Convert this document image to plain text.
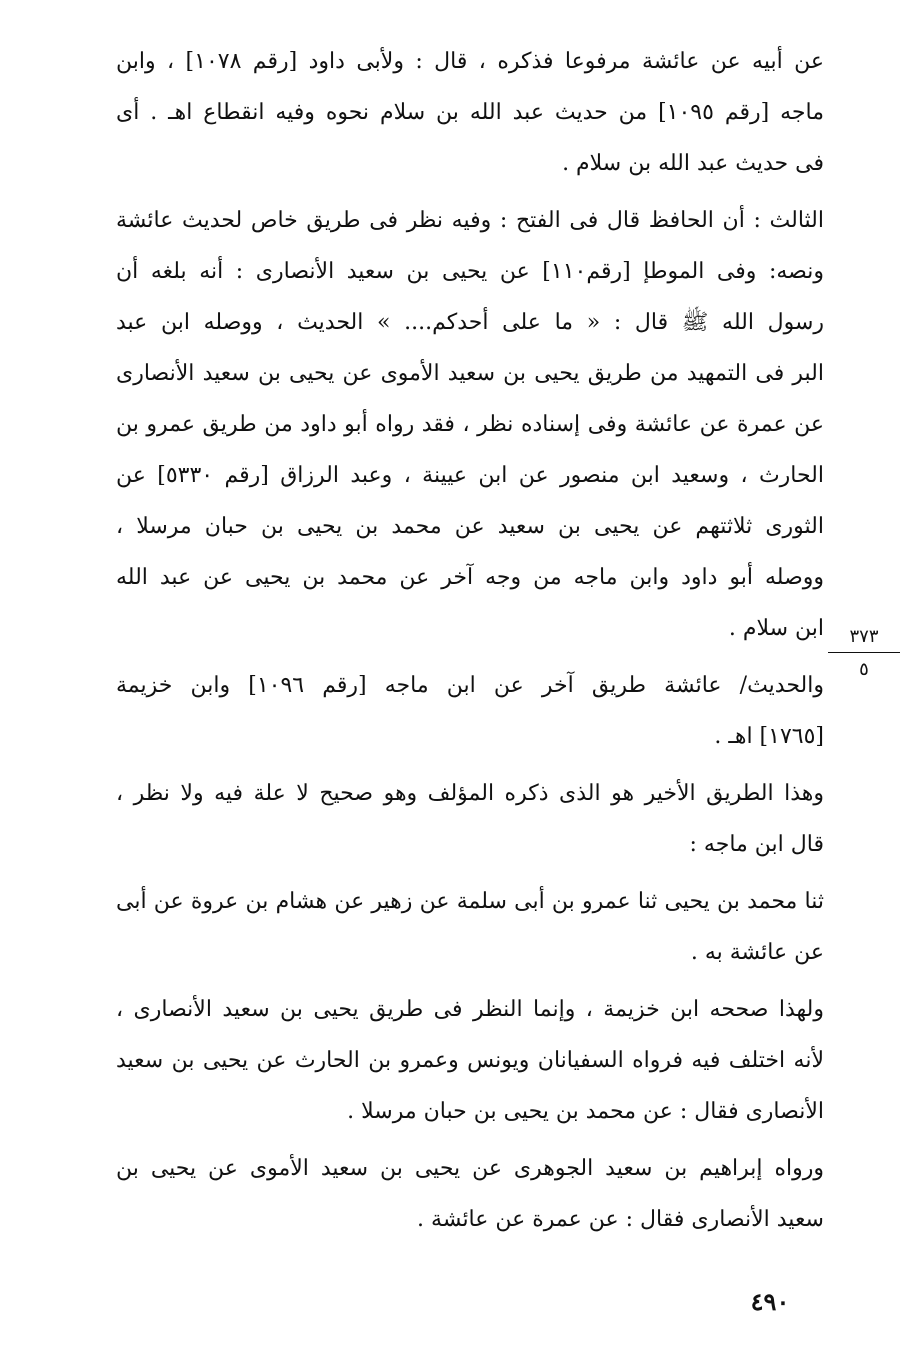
عن أبيه عن عائشة مرفوعا فذكره ، قال : ولأبى داود [رقم ١٠٧٨] ، وابن
ماجه [رقم ١٠٩٥] من حديث عبد الله بن سلام نحوه وفيه انقطاع اهـ . أى
فى حديث عبد الله بن سلام .
الثالث : أن الحافظ قال فى الفتح : وفيه نظر فى طريق خاص لحديث عائشة
ونصه: وفى الموطإ [رقم١١٠] عن يحيى بن سعيد الأنصارى : أنه بلغه أن
رسول الله ﷺ قال : « ما على أحدكم.... » الحديث ، ووصله ابن عبد
البر فى التمهيد من طريق يحيى بن سعيد الأموى عن يحيى بن سعيد الأنصارى
عن عمرة عن عائشة وفى إسناده نظر ، فقد رواه أبو داود من طريق عمرو بن
الحارث ، وسعيد ابن منصور عن ابن عيينة ، وعبد الرزاق [رقم ٥٣٣٠] عن
الثورى ثلاثتهم عن يحيى بن سعيد عن محمد بن يحيى بن حبان مرسلا ،
ووصله أبو داود وابن ماجه من وجه آخر عن محمد بن يحيى عن عبد الله
ابن سلام .
والحديث/ عائشة طريق آخر عن ابن ماجه [رقم ١٠٩٦] وابن خزيمة
[١٧٦٥] اهـ .
وهذا الطريق الأخير هو الذى ذكره المؤلف وهو صحيح لا علة فيه ولا نظر ،
قال ابن ماجه :
ثنا محمد بن يحيى ثنا عمرو بن أبى سلمة عن زهير عن هشام بن عروة عن أبى
عن عائشة به .
ولهذا صححه ابن خزيمة ، وإنما النظر فى طريق يحيى بن سعيد الأنصارى ،
لأنه اختلف فيه فرواه السفيانان ويونس وعمرو بن الحارث عن يحيى بن سعيد
الأنصارى فقال : عن محمد بن يحيى بن حبان مرسلا .
ورواه إبراهيم بن سعيد الجوهرى عن يحيى بن سعيد الأموى عن يحيى بن
سعيد الأنصارى فقال : عن عمرة عن عائشة .
٣٧٣
٥
٤٩٠
